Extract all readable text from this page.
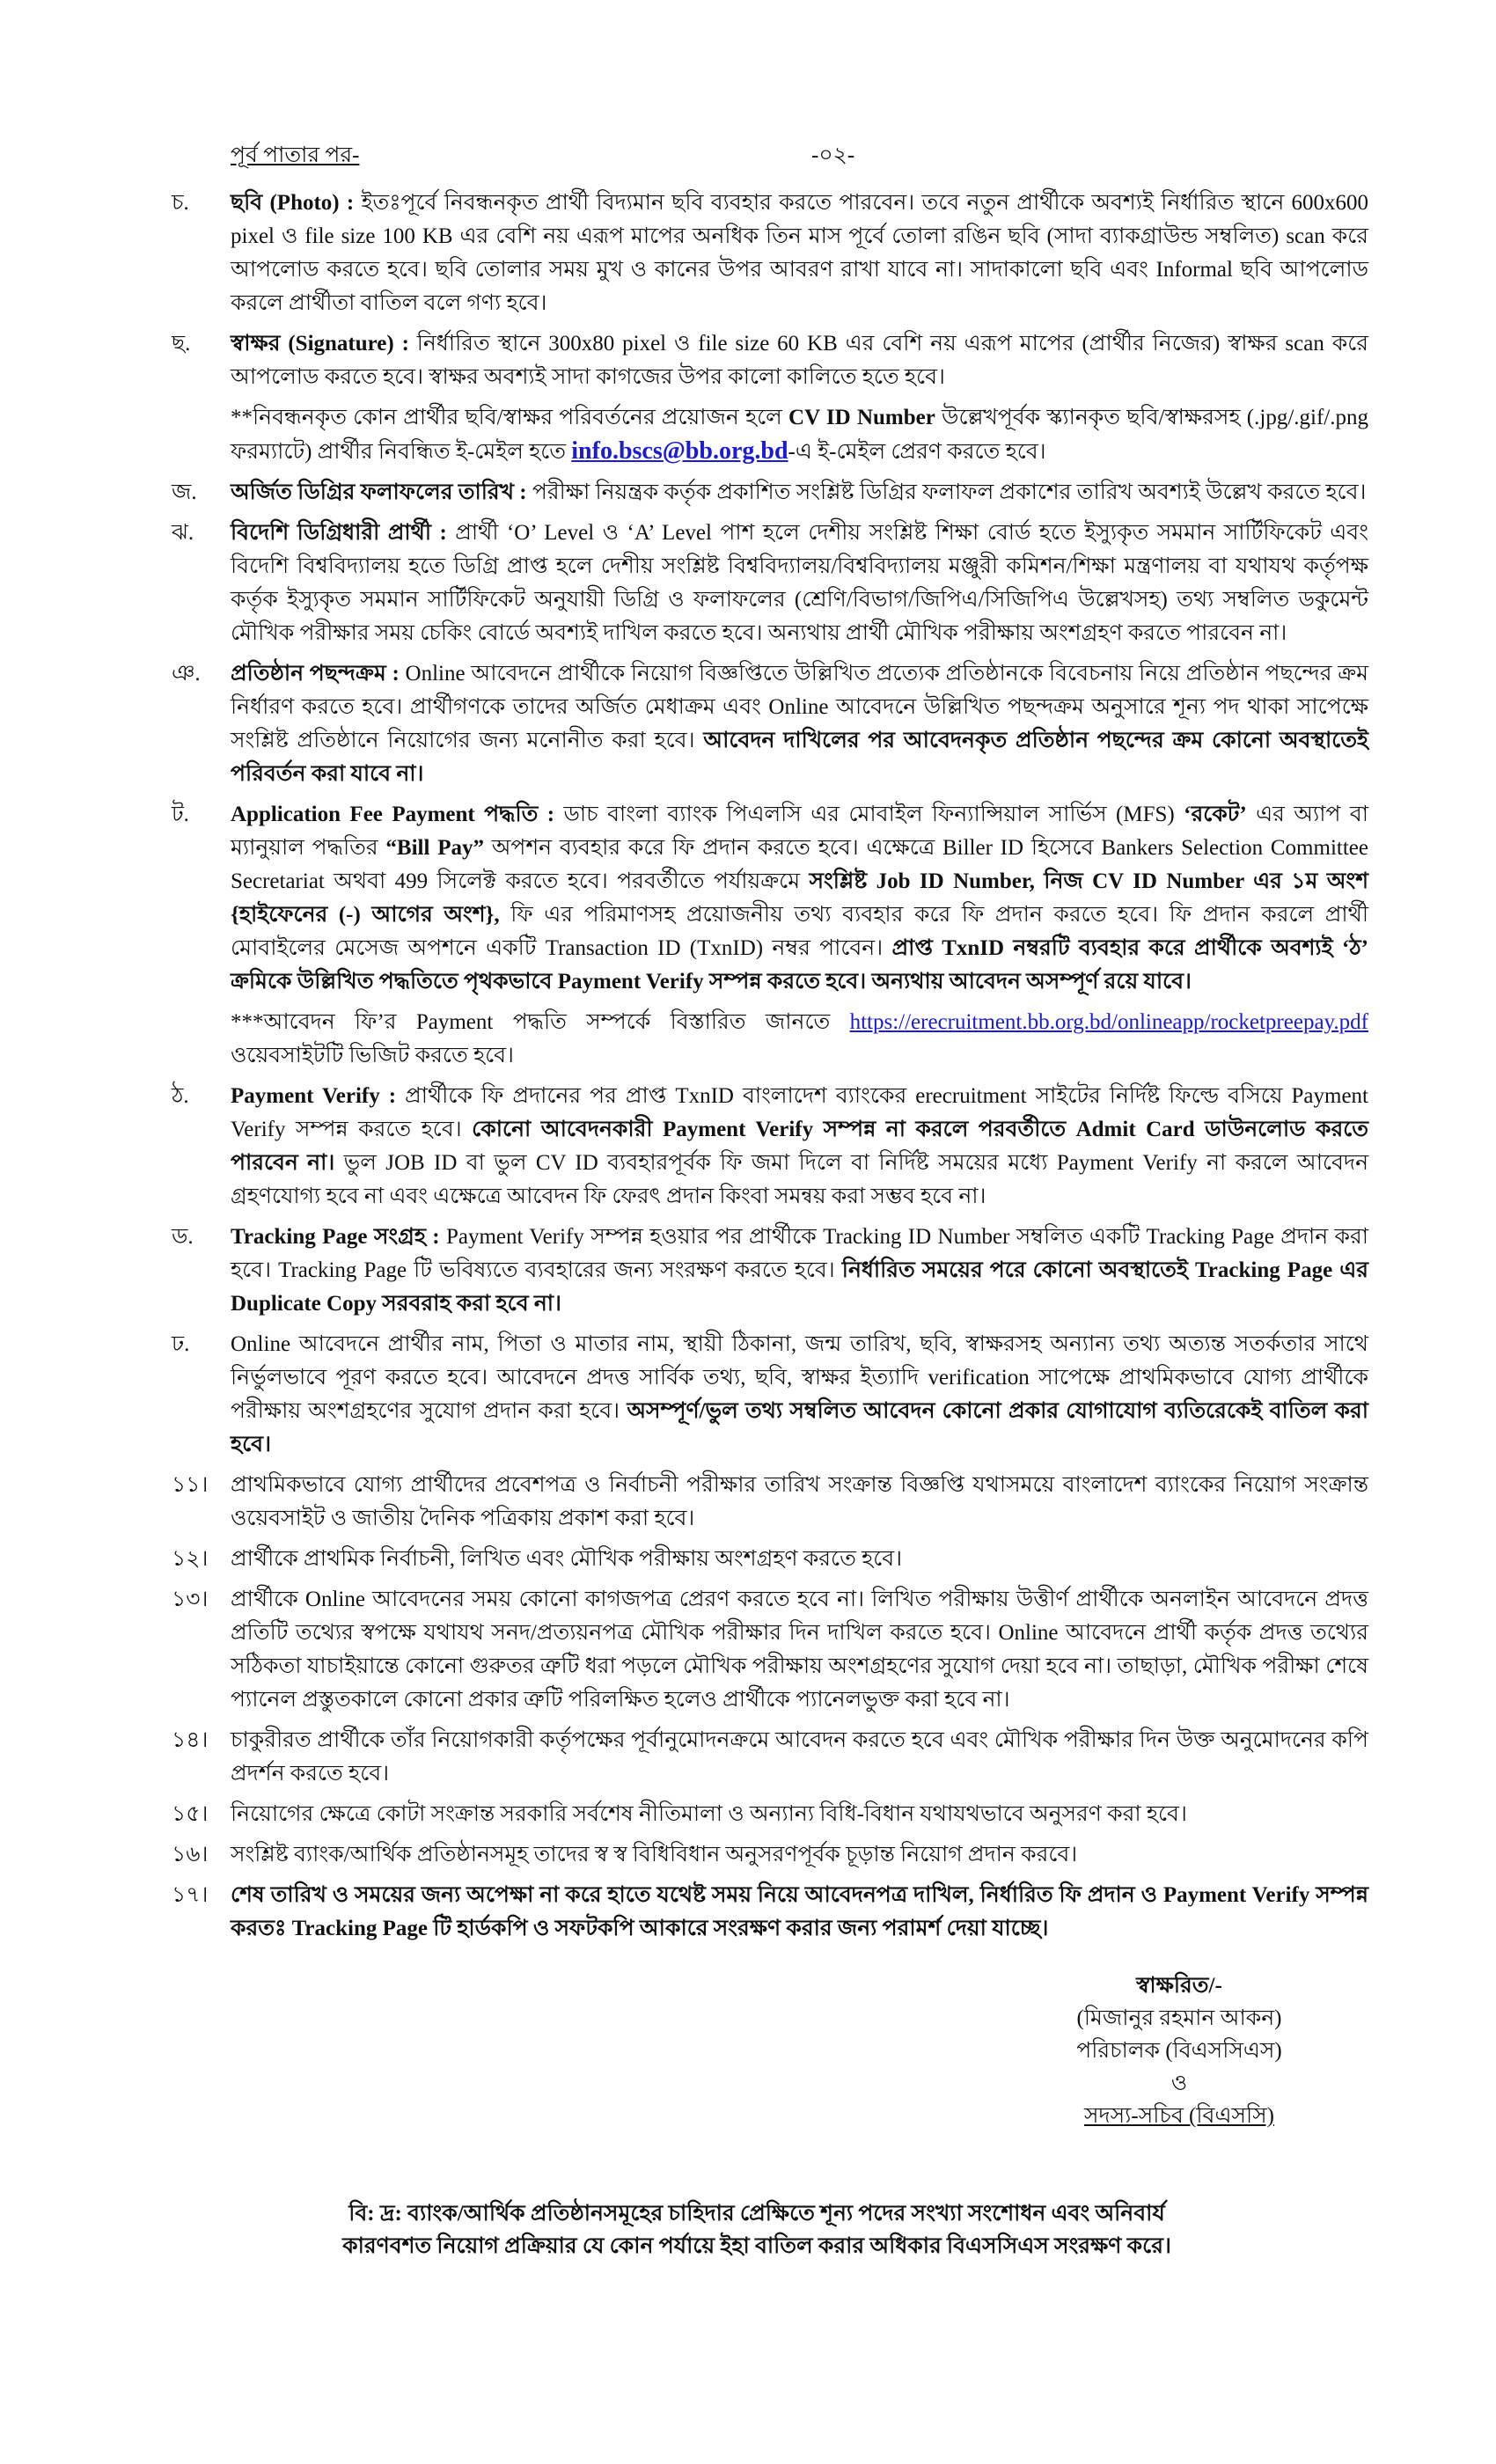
পূর্ব পাতার পর-	-০২-
চ.	ছবি (Photo) : ইতঃপূর্বে নিবন্ধনকৃত প্রার্থী বিদ্যমান ছবি ব্যবহার করতে পারবেন। তবে নতুন প্রার্থীকে অবশ্যই নির্ধারিত স্থানে 600x600 pixel ও file size 100 KB এর বেশি নয় এরূপ মাপের অনধিক তিন মাস পূর্বে তোলা রঙিন ছবি (সাদা ব্যাকগ্রাউন্ড সম্বলিত) scan করে আপলোড করতে হবে। ছবি তোলার সময় মুখ ও কানের উপর আবরণ রাখা যাবে না। সাদাকালো ছবি এবং Informal ছবি আপলোড করলে প্রার্থীতা বাতিল বলে গণ্য হবে।
ছ.	স্বাক্ষর (Signature) : নির্ধারিত স্থানে 300x80 pixel ও file size 60 KB এর বেশি নয় এরূপ মাপের (প্রার্থীর নিজের) স্বাক্ষর scan করে আপলোড করতে হবে। স্বাক্ষর অবশ্যই সাদা কাগজের উপর কালো কালিতে হতে হবে।
**নিবন্ধনকৃত কোন প্রার্থীর ছবি/স্বাক্ষর পরিবর্তনের প্রয়োজন হলে CV ID Number উল্লেখপূর্বক স্ক্যানকৃত ছবি/স্বাক্ষরসহ (.jpg/.gif/.png ফরম্যাটে) প্রার্থীর নিবন্ধিত ই-মেইল হতে info.bscs@bb.org.bd-এ ই-মেইল প্রেরণ করতে হবে।
জ.	অর্জিত ডিগ্রির ফলাফলের তারিখ : পরীক্ষা নিয়ন্ত্রক কর্তৃক প্রকাশিত সংশ্লিষ্ট ডিগ্রির ফলাফল প্রকাশের তারিখ অবশ্যই উল্লেখ করতে হবে।
ঝ.	বিদেশি ডিগ্রিধারী প্রার্থী : প্রার্থী ‘O’ Level ও ‘A’ Level পাশ হলে দেশীয় সংশ্লিষ্ট শিক্ষা বোর্ড হতে ইস্যুকৃত সমমান সার্টিফিকেট এবং বিদেশি বিশ্ববিদ্যালয় হতে ডিগ্রি প্রাপ্ত হলে দেশীয় সংশ্লিষ্ট বিশ্ববিদ্যালয়/বিশ্ববিদ্যালয় মঞ্জুরী কমিশন/শিক্ষা মন্ত্রণালয় বা যথাযথ কর্তৃপক্ষ কর্তৃক ইস্যুকৃত সমমান সার্টিফিকেট অনুযায়ী ডিগ্রি ও ফলাফলের (শ্রেণি/বিভাগ/জিপিএ/সিজিপিএ উল্লেখসহ) তথ্য সম্বলিত ডকুমেন্ট মৌখিক পরীক্ষার সময় চেকিং বোর্ডে অবশ্যই দাখিল করতে হবে। অন্যথায় প্রার্থী মৌখিক পরীক্ষায় অংশগ্রহণ করতে পারবেন না।
ঞ.	প্রতিষ্ঠান পছন্দক্রম : Online আবেদনে প্রার্থীকে নিয়োগ বিজ্ঞপ্তিতে উল্লিখিত প্রত্যেক প্রতিষ্ঠানকে বিবেচনায় নিয়ে প্রতিষ্ঠান পছন্দের ক্রম নির্ধারণ করতে হবে। প্রার্থীগণকে তাদের অর্জিত মেধাক্রম এবং Online আবেদনে উল্লিখিত পছন্দক্রম অনুসারে শূন্য পদ থাকা সাপেক্ষে সংশ্লিষ্ট প্রতিষ্ঠানে নিয়োগের জন্য মনোনীত করা হবে। আবেদন দাখিলের পর আবেদনকৃত প্রতিষ্ঠান পছন্দের ক্রম কোনো অবস্থাতেই পরিবর্তন করা যাবে না।
ট.	Application Fee Payment পদ্ধতি : ডাচ বাংলা ব্যাংক পিএলসি এর মোবাইল ফিন্যান্সিয়াল সার্ভিস (MFS) ‘রকেট’ এর অ্যাপ বা ম্যানুয়াল পদ্ধতির “Bill Pay” অপশন ব্যবহার করে ফি প্রদান করতে হবে। এক্ষেত্রে Biller ID হিসেবে Bankers Selection Committee Secretariat অথবা 499 সিলেক্ট করতে হবে। পরবর্তীতে পর্যায়ক্রমে সংশ্লিষ্ট Job ID Number, নিজ CV ID Number এর ১ম অংশ {হাইফেনের (-) আগের অংশ}, ফি এর পরিমাণসহ প্রয়োজনীয় তথ্য ব্যবহার করে ফি প্রদান করতে হবে। ফি প্রদান করলে প্রার্থী মোবাইলের মেসেজ অপশনে একটি Transaction ID (TxnID) নম্বর পাবেন। প্রাপ্ত TxnID নম্বরটি ব্যবহার করে প্রার্থীকে অবশ্যই ‘ঠ’ ক্রমিকে উল্লিখিত পদ্ধতিতে পৃথকভাবে Payment Verify সম্পন্ন করতে হবে। অন্যথায় আবেদন অসম্পূর্ণ রয়ে যাবে।
***আবেদন ফি’র Payment পদ্ধতি সম্পর্কে বিস্তারিত জানতে https://erecruitment.bb.org.bd/onlineapp/rocketpreepay.pdf ওয়েবসাইটটি ভিজিট করতে হবে।
ঠ.	Payment Verify : প্রার্থীকে ফি প্রদানের পর প্রাপ্ত TxnID বাংলাদেশ ব্যাংকের erecruitment সাইটের নির্দিষ্ট ফিল্ডে বসিয়ে Payment Verify সম্পন্ন করতে হবে। কোনো আবেদনকারী Payment Verify সম্পন্ন না করলে পরবর্তীতে Admit Card ডাউনলোড করতে পারবেন না। ভুল JOB ID বা ভুল CV ID ব্যবহারপূর্বক ফি জমা দিলে বা নির্দিষ্ট সময়ের মধ্যে Payment Verify না করলে আবেদন গ্রহণযোগ্য হবে না এবং এক্ষেত্রে আবেদন ফি ফেরৎ প্রদান কিংবা সমন্বয় করা সম্ভব হবে না।
ড.	Tracking Page সংগ্রহ : Payment Verify সম্পন্ন হওয়ার পর প্রার্থীকে Tracking ID Number সম্বলিত একটি Tracking Page প্রদান করা হবে। Tracking Page টি ভবিষ্যতে ব্যবহারের জন্য সংরক্ষণ করতে হবে। নির্ধারিত সময়ের পরে কোনো অবস্থাতেই Tracking Page এর Duplicate Copy সরবরাহ করা হবে না।
ঢ.	Online আবেদনে প্রার্থীর নাম, পিতা ও মাতার নাম, স্থায়ী ঠিকানা, জন্ম তারিখ, ছবি, স্বাক্ষরসহ অন্যান্য তথ্য অত্যন্ত সতর্কতার সাথে নির্ভুলভাবে পূরণ করতে হবে। আবেদনে প্রদত্ত সার্বিক তথ্য, ছবি, স্বাক্ষর ইত্যাদি verification সাপেক্ষে প্রাথমিকভাবে যোগ্য প্রার্থীকে পরীক্ষায় অংশগ্রহণের সুযোগ প্রদান করা হবে। অসম্পূর্ণ/ভুল তথ্য সম্বলিত আবেদন কোনো প্রকার যোগাযোগ ব্যতিরেকেই বাতিল করা হবে।
১১।	প্রাথমিকভাবে যোগ্য প্রার্থীদের প্রবেশপত্র ও নির্বাচনী পরীক্ষার তারিখ সংক্রান্ত বিজ্ঞপ্তি যথাসময়ে বাংলাদেশ ব্যাংকের নিয়োগ সংক্রান্ত ওয়েবসাইট ও জাতীয় দৈনিক পত্রিকায় প্রকাশ করা হবে।
১২।	প্রার্থীকে প্রাথমিক নির্বাচনী, লিখিত এবং মৌখিক পরীক্ষায় অংশগ্রহণ করতে হবে।
১৩।	প্রার্থীকে Online আবেদনের সময় কোনো কাগজপত্র প্রেরণ করতে হবে না। লিখিত পরীক্ষায় উত্তীর্ণ প্রার্থীকে অনলাইন আবেদনে প্রদত্ত প্রতিটি তথ্যের স্বপক্ষে যথাযথ সনদ/প্রত্যয়নপত্র মৌখিক পরীক্ষার দিন দাখিল করতে হবে। Online আবেদনে প্রার্থী কর্তৃক প্রদত্ত তথ্যের সঠিকতা যাচাইয়ান্তে কোনো গুরুতর ত্রুটি ধরা পড়লে মৌখিক পরীক্ষায় অংশগ্রহণের সুযোগ দেয়া হবে না। তাছাড়া, মৌখিক পরীক্ষা শেষে প্যানেল প্রস্তুতকালে কোনো প্রকার ত্রুটি পরিলক্ষিত হলেও প্রার্থীকে প্যানেলভুক্ত করা হবে না।
১৪।	চাকুরীরত প্রার্থীকে তাঁর নিয়োগকারী কর্তৃপক্ষের পূর্বানুমোদনক্রমে আবেদন করতে হবে এবং মৌখিক পরীক্ষার দিন উক্ত অনুমোদনের কপি প্রদর্শন করতে হবে।
১৫।	নিয়োগের ক্ষেত্রে কোটা সংক্রান্ত সরকারি সর্বশেষ নীতিমালা ও অন্যান্য বিধি-বিধান যথাযথভাবে অনুসরণ করা হবে।
১৬।	সংশ্লিষ্ট ব্যাংক/আর্থিক প্রতিষ্ঠানসমূহ তাদের স্ব স্ব বিধিবিধান অনুসরণপূর্বক চূড়ান্ত নিয়োগ প্রদান করবে।
১৭।	শেষ তারিখ ও সময়ের জন্য অপেক্ষা না করে হাতে যথেষ্ট সময় নিয়ে আবেদনপত্র দাখিল, নির্ধারিত ফি প্রদান ও Payment Verify সম্পন্ন করতঃ Tracking Page টি হার্ডকপি ও সফটকপি আকারে সংরক্ষণ করার জন্য পরামর্শ দেয়া যাচ্ছে।
স্বাক্ষরিত/-
(মিজানুর রহমান আকন)
পরিচালক (বিএসসিএস)
ও
সদস্য-সচিব (বিএসসি)
বি: দ্র: ব্যাংক/আর্থিক প্রতিষ্ঠানসমূহের চাহিদার প্রেক্ষিতে শূন্য পদের সংখ্যা সংশোধন এবং অনিবার্য
কারণবশত নিয়োগ প্রক্রিয়ার যে কোন পর্যায়ে ইহা বাতিল করার অধিকার বিএসসিএস সংরক্ষণ করে।
